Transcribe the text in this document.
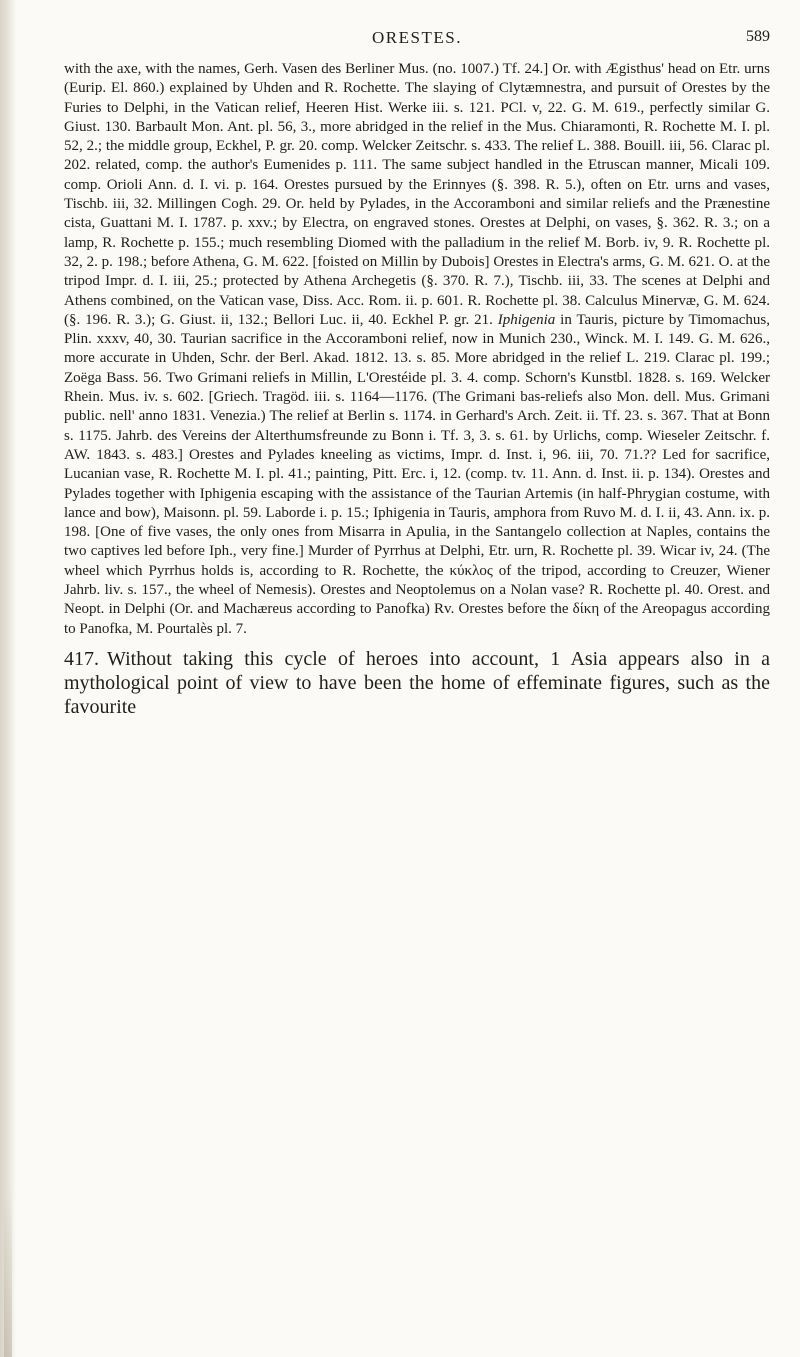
ORESTES.	589

with the axe, with the names, Gerh. Vasen des Berliner Mus. (no. 1007.) Tf. 24.] Or. with Ægisthus' head on Etr. urns (Eurip. El. 860.) explained by Uhden and R. Rochette. The slaying of Clytæmnestra, and pursuit of Orestes by the Furies to Delphi, in the Vatican relief, Heeren Hist. Werke iii. s. 121. PCl. v, 22. G. M. 619., perfectly similar G. Giust. 130. Barbault Mon. Ant. pl. 56, 3., more abridged in the relief in the Mus. Chiaramonti, R. Rochette M. I. pl. 52, 2.; the middle group, Eckhel, P. gr. 20. comp. Welcker Zeitschr. s. 433. The relief L. 388. Bouill. iii, 56. Clarac pl. 202. related, comp. the author's Eumenides p. 111. The same subject handled in the Etruscan manner, Micali 109. comp. Orioli Ann. d. I. vi. p. 164. Orestes pursued by the Erinnyes (§. 398. R. 5.), often on Etr. urns and vases, Tischb. iii, 32. Millingen Cogh. 29. Or. held by Pylades, in the Accoramboni and similar reliefs and the Prænestine cista, Guattani M. I. 1787. p. xxv.; by Electra, on engraved stones. Orestes at Delphi, on vases, §. 362. R. 3.; on a lamp, R. Rochette p. 155.; much resembling Diomed with the palladium in the relief M. Borb. iv, 9. R. Rochette pl. 32, 2. p. 198.; before Athena, G. M. 622. [foisted on Millin by Dubois] Orestes in Electra's arms, G. M. 621. O. at the tripod Impr. d. I. iii, 25.; protected by Athena Archegetis (§. 370. R. 7.), Tischb. iii, 33. The scenes at Delphi and Athens combined, on the Vatican vase, Diss. Acc. Rom. ii. p. 601. R. Rochette pl. 38. Calculus Minervæ, G. M. 624. (§. 196. R. 3.); G. Giust. ii, 132.; Bellori Luc. ii, 40. Eckhel P. gr. 21. Iphigenia in Tauris, picture by Timomachus, Plin. xxxv, 40, 30. Taurian sacrifice in the Accoramboni relief, now in Munich 230., Winck. M. I. 149. G. M. 626., more accurate in Uhden, Schr. der Berl. Akad. 1812. 13. s. 85. More abridged in the relief L. 219. Clarac pl. 199.; Zoëga Bass. 56. Two Grimani reliefs in Millin, L'Orestéide pl. 3. 4. comp. Schorn's Kunstbl. 1828. s. 169. Welcker Rhein. Mus. iv. s. 602. [Griech. Tragöd. iii. s. 1164—1176. (The Grimani bas-reliefs also Mon. dell. Mus. Grimani public. nell' anno 1831. Venezia.) The relief at Berlin s. 1174. in Gerhard's Arch. Zeit. ii. Tf. 23. s. 367. That at Bonn s. 1175. Jahrb. des Vereins der Alterthumsfreunde zu Bonn i. Tf. 3, 3. s. 61. by Urlichs, comp. Wieseler Zeitschr. f. AW. 1843. s. 483.] Orestes and Pylades kneeling as victims, Impr. d. Inst. i, 96. iii, 70. 71.?? Led for sacrifice, Lucanian vase, R. Rochette M. I. pl. 41.; painting, Pitt. Erc. i, 12. (comp. tv. 11. Ann. d. Inst. ii. p. 134). Orestes and Pylades together with Iphigenia escaping with the assistance of the Taurian Artemis (in half-Phrygian costume, with lance and bow), Maisonn. pl. 59. Laborde i. p. 15.; Iphigenia in Tauris, amphora from Ruvo M. d. I. ii, 43. Ann. ix. p. 198. [One of five vases, the only ones from Misarra in Apulia, in the Santangelo collection at Naples, contains the two captives led before Iph., very fine.] Murder of Pyrrhus at Delphi, Etr. urn, R. Rochette pl. 39. Wicar iv, 24. (The wheel which Pyrrhus holds is, according to R. Rochette, the κύκλος of the tripod, according to Creuzer, Wiener Jahrb. liv. s. 157., the wheel of Nemesis). Orestes and Neoptolemus on a Nolan vase? R. Rochette pl. 40. Orest. and Neopt. in Delphi (Or. and Machæreus according to Panofka) Rv. Orestes before the δίκη of the Areopagus according to Panofka, M. Pourtalès pl. 7.

417. Without taking this cycle of heroes into account, 1 Asia appears also in a mythological point of view to have been the home of effeminate figures, such as the favourite
